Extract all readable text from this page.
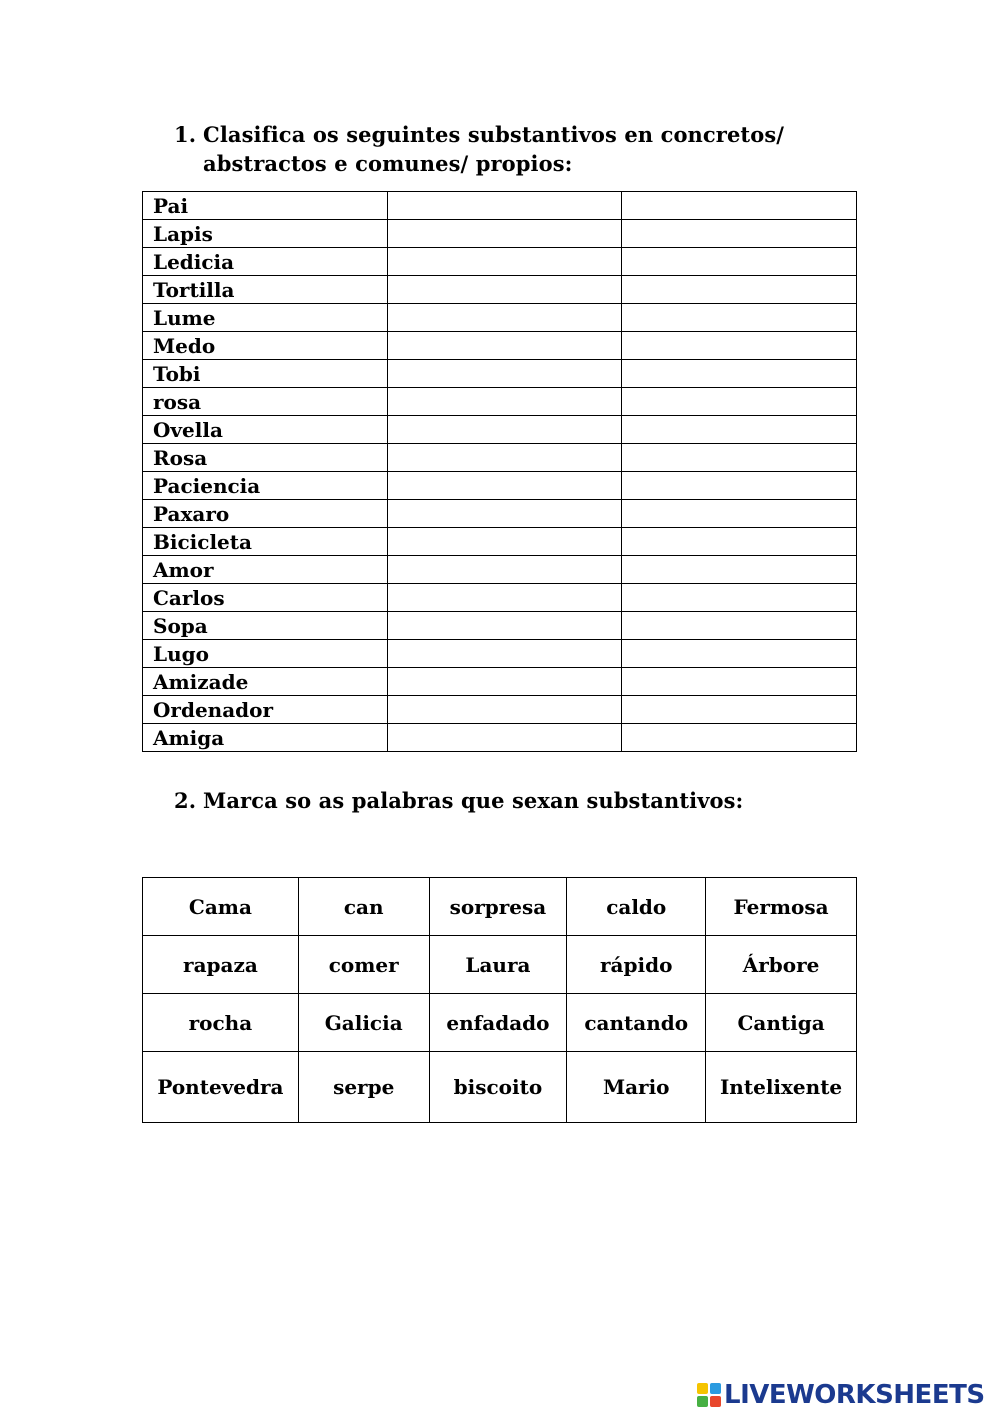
1. Clasifica os seguintes substantivos en concretos/ abstractos e comunes/ propios:
Pai		
Lapis		
Ledicia		
Tortilla		
Lume		
Medo		
Tobi		
rosa		
Ovella		
Rosa		
Paciencia		
Paxaro		
Bicicleta		
Amor		
Carlos		
Sopa		
Lugo		
Amizade		
Ordenador		
Amiga		
2. Marca so as palabras que sexan substantivos:
Cama	can	sorpresa	caldo	Fermosa
rapaza	comer	Laura	rápido	Árbore
rocha	Galicia	enfadado	cantando	Cantiga
Pontevedra	serpe	biscoito	Mario	Intelixente
LIVEWORKSHEETS
